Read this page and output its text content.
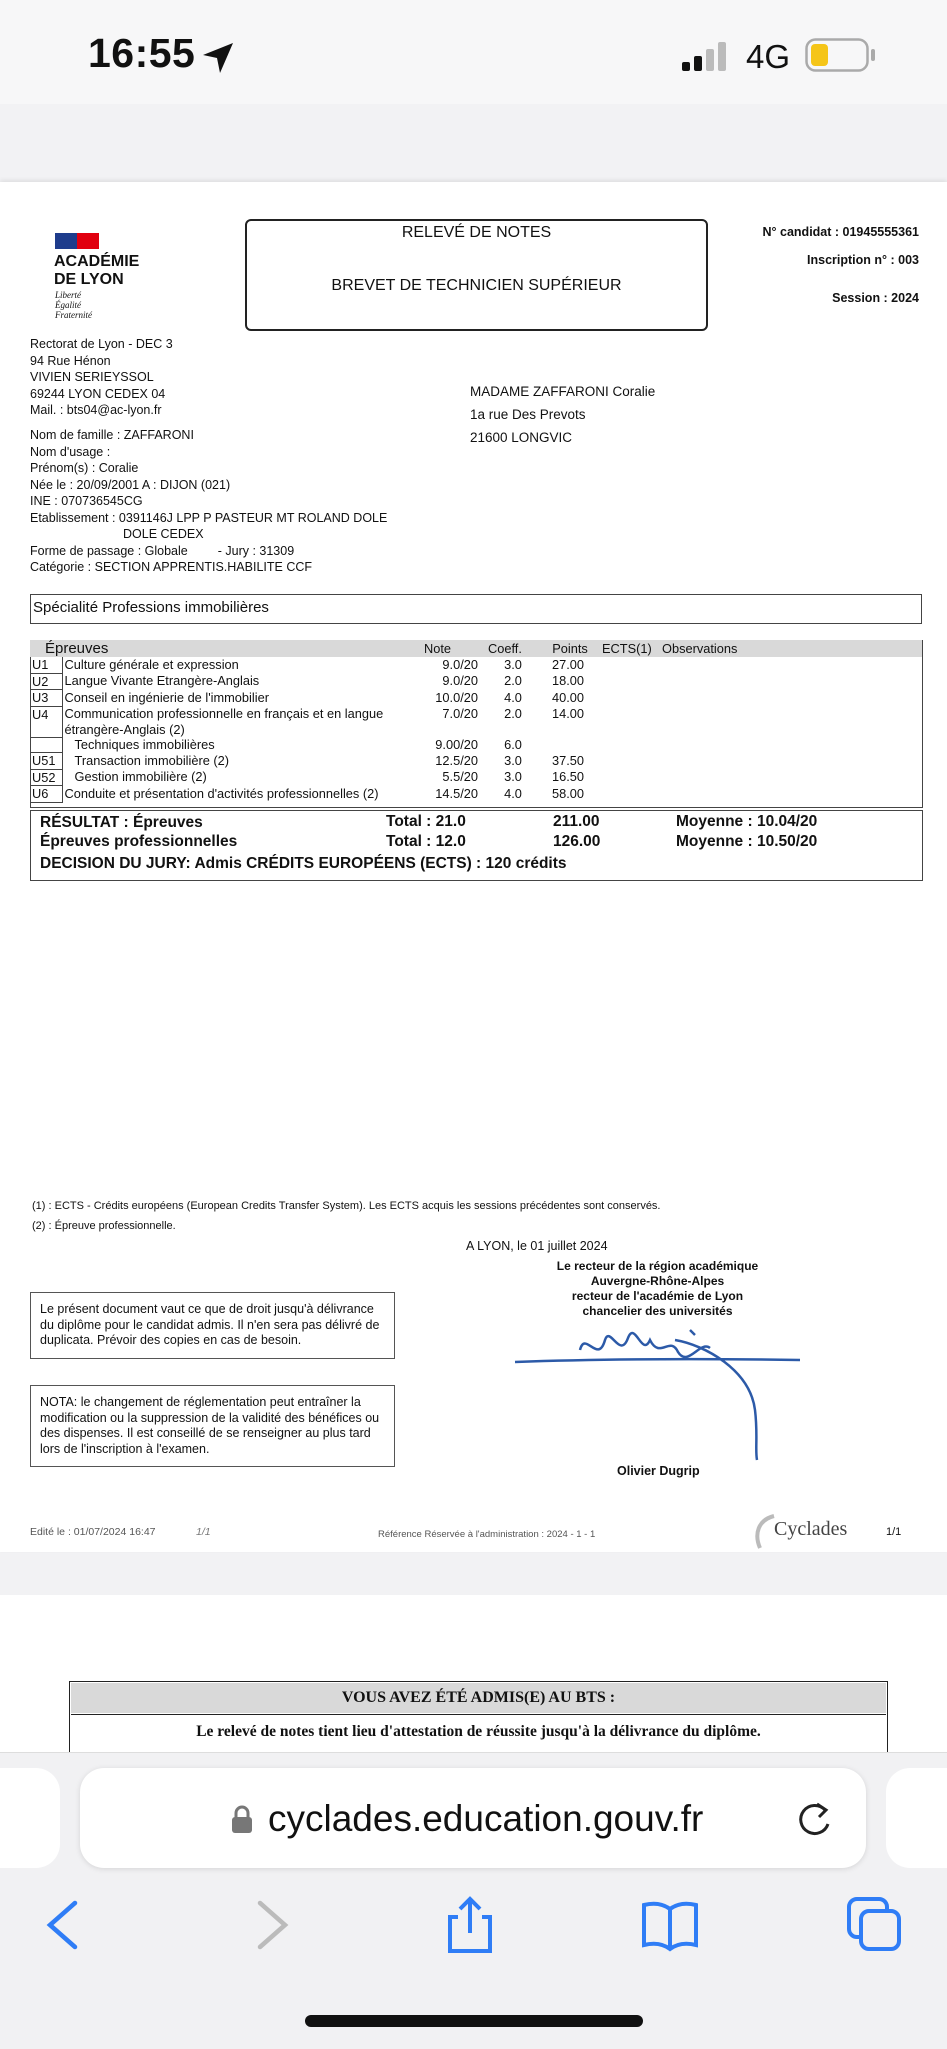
16:55	4G
ACADÉMIE
DE LYON
Liberté
Égalité
Fraternité
RELEVÉ DE NOTES
BREVET DE TECHNICIEN SUPÉRIEUR
N° candidat : 01945555361
Inscription n° : 003
Session : 2024
Rectorat de Lyon - DEC 3
94 Rue Hénon
VIVIEN SERIEYSSOL
69244 LYON CEDEX 04
Mail. : bts04@ac-lyon.fr
MADAME ZAFFARONI Coralie
1a rue Des Prevots
21600 LONGVIC
Nom de famille : ZAFFARONI
Nom d'usage :
Prénom(s) : Coralie
Née le : 20/09/2001 A : DIJON (021)
INE : 070736545CG
Etablissement : 0391146J LPP P PASTEUR MT ROLAND DOLE
DOLE CEDEX
Forme de passage : Globale - Jury : 31309
Catégorie : SECTION APPRENTIS.HABILITE CCF
Spécialité Professions immobilières
Épreuves		Note	Coeff.	Points	ECTS(1)	Observations
U1	Culture générale et expression	9.0/20	3.0	27.00		
U2	Langue Vivante Etrangère-Anglais	9.0/20	2.0	18.00		
U3	Conseil en ingénierie de l'immobilier	10.0/20	4.0	40.00		
U4	Communication professionnelle en français et en langue étrangère-Anglais (2)	7.0/20	2.0	14.00		
	Techniques immobilières	9.00/20	6.0			
U51	Transaction immobilière (2)	12.5/20	3.0	37.50		
U52	Gestion immobilière (2)	5.5/20	3.0	16.50		
U6	Conduite et présentation d'activités professionnelles (2)	14.5/20	4.0	58.00		
RÉSULTAT : Épreuves	Total : 21.0	211.00	Moyenne : 10.04/20
Épreuves professionnelles	Total : 12.0	126.00	Moyenne : 10.50/20
DECISION DU JURY: Admis CRÉDITS EUROPÉENS (ECTS) : 120 crédits
(1) : ECTS - Crédits européens (European Credits Transfer System). Les ECTS acquis les sessions précédentes sont conservés.
(2) : Épreuve professionnelle.
A LYON, le 01 juillet 2024
Le recteur de la région académique
Auvergne-Rhône-Alpes
recteur de l'académie de Lyon
chancelier des universités
Olivier Dugrip
Le présent document vaut ce que de droit jusqu'à délivrance du diplôme pour le candidat admis. Il n'en sera pas délivré de duplicata. Prévoir des copies en cas de besoin.
NOTA: le changement de réglementation peut entraîner la modification ou la suppression de la validité des bénéfices ou des dispenses. Il est conseillé de se renseigner au plus tard lors de l'inscription à l'examen.
Edité le : 01/07/2024 16:47	1/1	Référence Réservée à l'administration : 2024 - 1 - 1	Cyclades	1/1
VOUS AVEZ ÉTÉ ADMIS(E) AU BTS :
Le relevé de notes tient lieu d'attestation de réussite jusqu'à la délivrance du diplôme.
cyclades.education.gouv.fr
